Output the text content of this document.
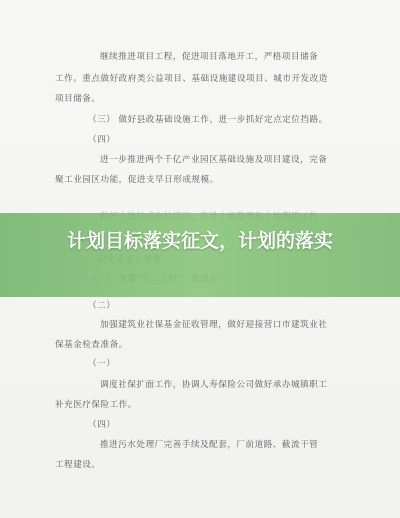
继续推进项目工程，促进项目落地开工，严格项目储备
工作。重点做好政府类公益项目、基础设施建设项目、城市开发改造
项目储备。
（三） 做好县政基础设施工作，进一步抓好定点定位挡路。
（四）
进一步推进两个千亿产业园区基础设施及项目建设，完备
聚工业园区功能，促进支早日形成规模。
（二）
加强建筑业社保基金征收管理，做好迎接营口市建筑业社
保基金检查准备。
（一）
调度社保扩面工作，协调人寿保险公司做好承办城镇职工
补充医疗保险工作。
（四）
推进污水处理厂完善手续及配套，厂前道路、截流干管
工程建设。
计划目标落实征文，计划的落实
